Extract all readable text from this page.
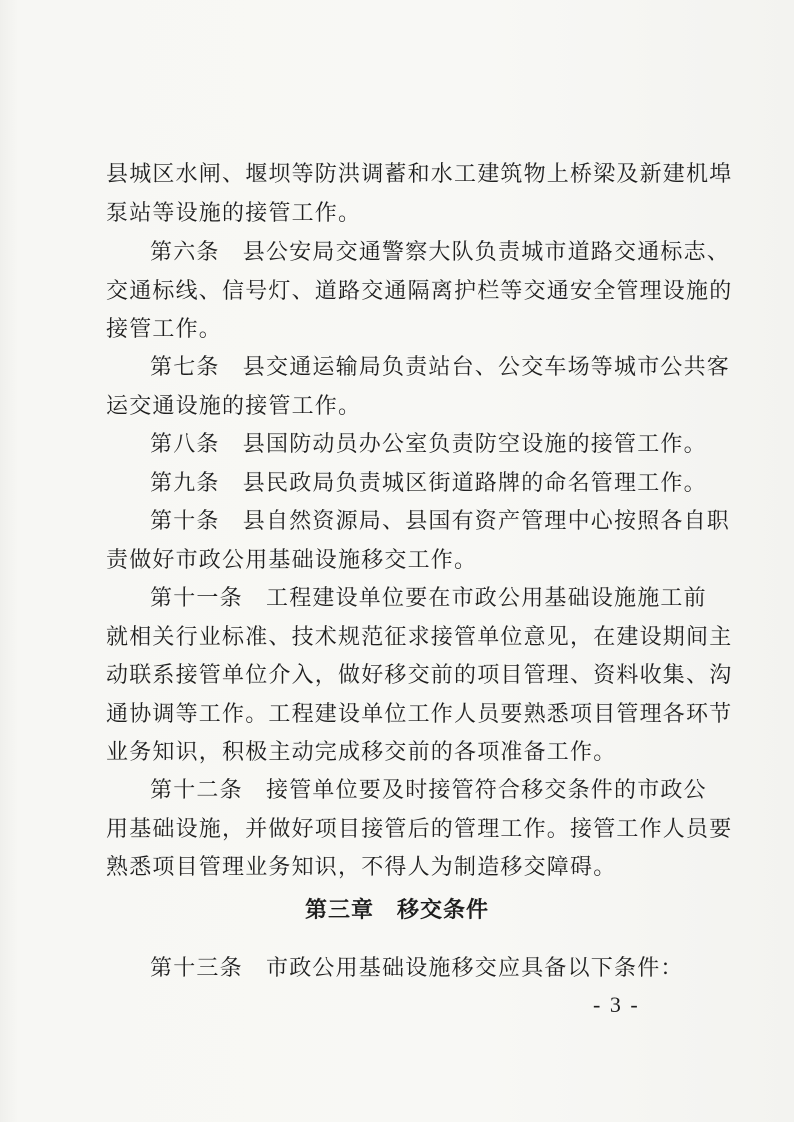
县城区水闸、堰坝等防洪调蓄和水工建筑物上桥梁及新建机埠
泵站等设施的接管工作。

第六条　县公安局交通警察大队负责城市道路交通标志、
交通标线、信号灯、道路交通隔离护栏等交通安全管理设施的
接管工作。

第七条　县交通运输局负责站台、公交车场等城市公共客
运交通设施的接管工作。

第八条　县国防动员办公室负责防空设施的接管工作。

第九条　县民政局负责城区街道路牌的命名管理工作。

第十条　县自然资源局、县国有资产管理中心按照各自职
责做好市政公用基础设施移交工作。

第十一条　工程建设单位要在市政公用基础设施施工前
就相关行业标准、技术规范征求接管单位意见，在建设期间主
动联系接管单位介入，做好移交前的项目管理、资料收集、沟
通协调等工作。工程建设单位工作人员要熟悉项目管理各环节
业务知识，积极主动完成移交前的各项准备工作。

第十二条　接管单位要及时接管符合移交条件的市政公
用基础设施，并做好项目接管后的管理工作。接管工作人员要
熟悉项目管理业务知识，不得人为制造移交障碍。

第三章　移交条件

第十三条　市政公用基础设施移交应具备以下条件：

- 3 -
